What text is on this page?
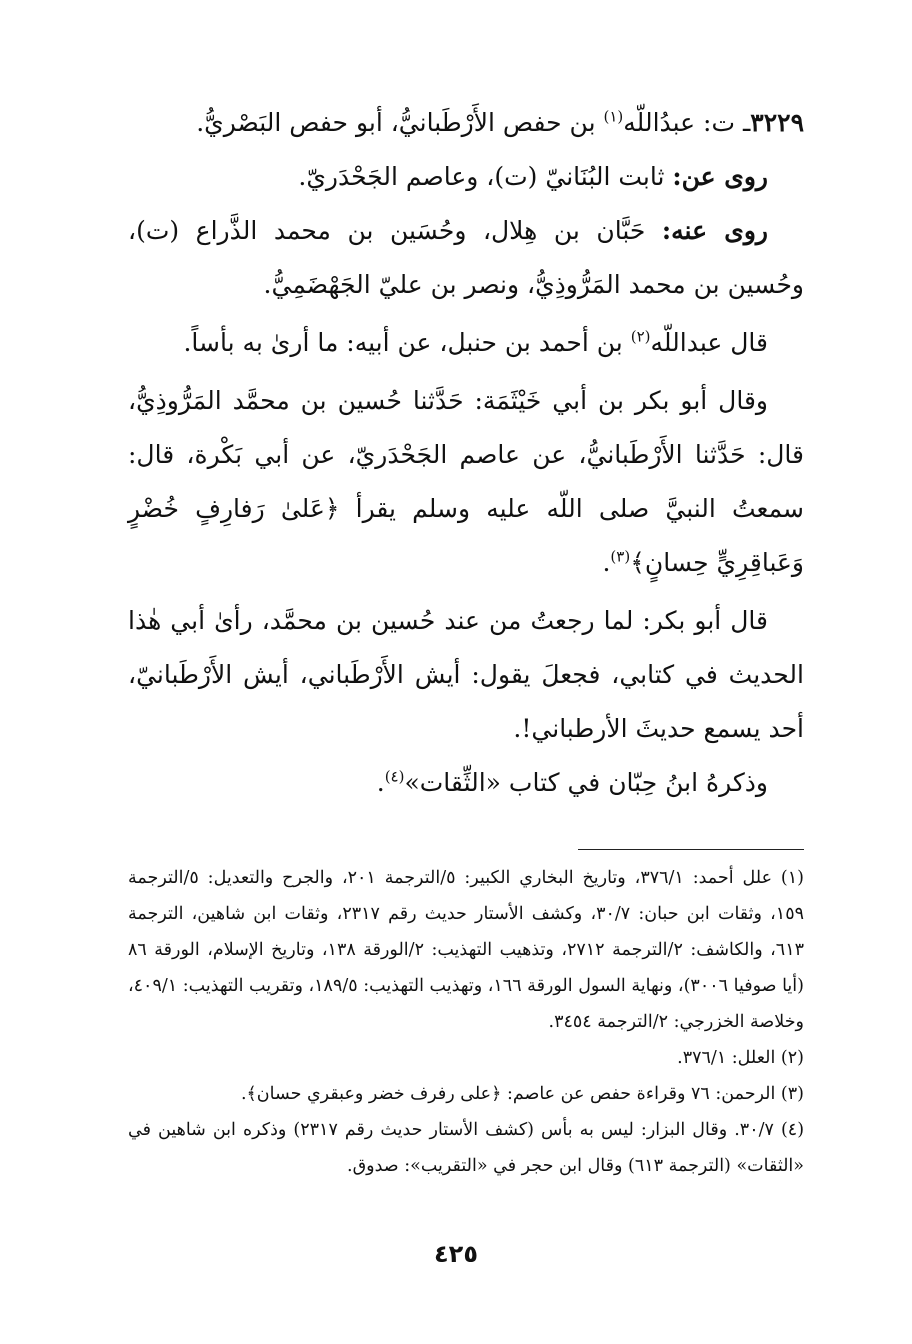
٣٢٢٩ـ ت: عبدُاللّه$^{(١)}$ بن حفص الأَرْطَبانيُّ، أبو حفص البَصْريُّ.

روى عن: ثابت البُنَانيّ (ت)، وعاصم الجَحْدَريّ.

روى عنه: حَبَّان بن هِلال، وحُسَين بن محمد الذَّراع (ت)، وحُسين بن محمد المَرُّوذِيُّ، ونصر بن عليّ الجَهْضَمِيُّ.

قال عبداللّه$^{(٢)}$ بن أحمد بن حنبل، عن أبيه: ما أرىٰ به بأساً.

وقال أبو بكر بن أبي خَيْثَمَة: حَدَّثنا حُسين بن محمَّد المَرُّوذِيُّ، قال: حَدَّثنا الأَرْطَبانيُّ، عن عاصم الجَحْدَريّ، عن أبي بَكْرة، قال: سمعتُ النبيَّ صلى اللّه عليه وسلم يقرأ ﴿عَلىٰ رَفارِفٍ خُضْرٍ وَعَباقِرِيٍّ حِسانٍ﴾$^{(٣)}$.

قال أبو بكر: لما رجعتُ من عند حُسين بن محمَّد، رأىٰ أبي هٰذا الحديث في كتابي، فجعلَ يقول: أيش الأَرْطَباني، أيش الأَرْطَبانيّ، أحد يسمع حديثَ الأرطباني!.

وذكرهُ ابنُ حِبّان في كتاب «الثِّقات»$^{(٤)}$.

(١) علل أحمد: ٣٧٦/١، وتاريخ البخاري الكبير: ٥/الترجمة ٢٠١، والجرح والتعديل: ٥/الترجمة ١٥٩، وثقات ابن حبان: ٣٠/٧، وكشف الأستار حديث رقم ٢٣١٧، وثقات ابن شاهين، الترجمة ٦١٣، والكاشف: ٢/الترجمة ٢٧١٢، وتذهيب التهذيب: ٢/الورقة ١٣٨، وتاريخ الإسلام، الورقة ٨٦ (أيا صوفيا ٣٠٠٦)، ونهاية السول الورقة ١٦٦، وتهذيب التهذيب: ١٨٩/٥، وتقريب التهذيب: ٤٠٩/١، وخلاصة الخزرجي: ٢/الترجمة ٣٤٥٤.

(٢) العلل: ٣٧٦/١.

(٣) الرحمن: ٧٦ وقراءة حفص عن عاصم: ﴿على رفرف خضر وعبقري حسان﴾.

(٤) ٣٠/٧. وقال البزار: ليس به بأس (كشف الأستار حديث رقم ٢٣١٧) وذكره ابن شاهين في «الثقات» (الترجمة ٦١٣) وقال ابن حجر في «التقريب»: صدوق.

٤٢٥
